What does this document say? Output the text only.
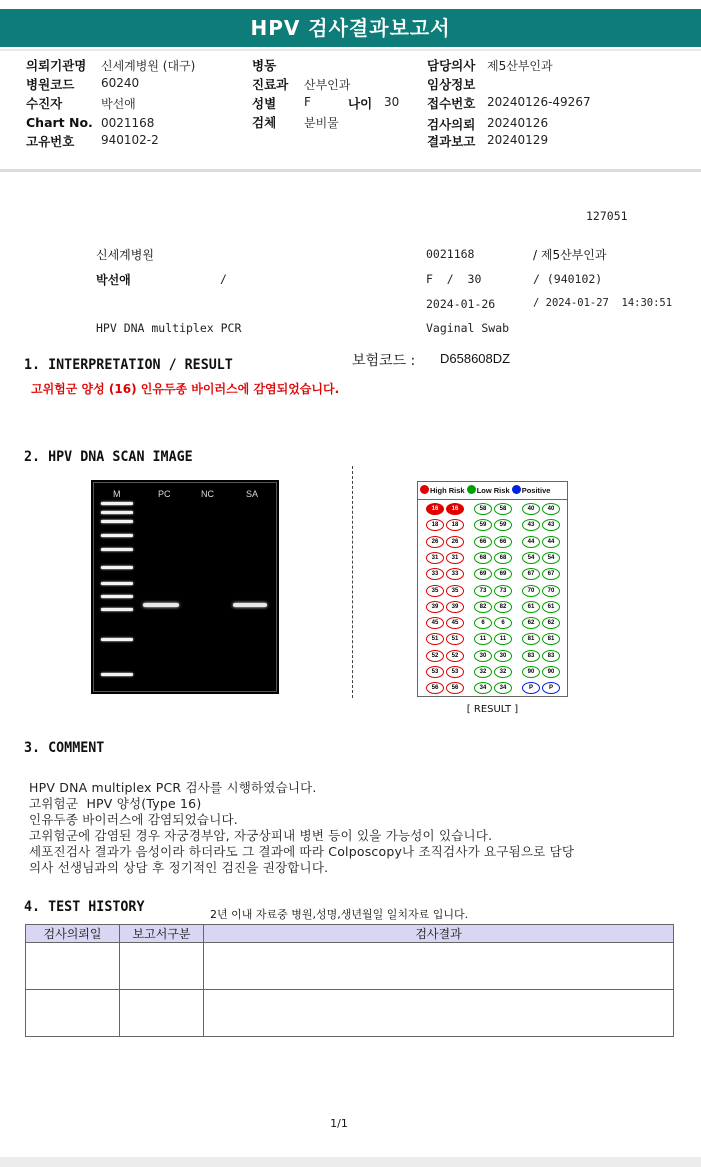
HPV 검사결과보고서
의뢰기관명 신세계병원 (대구)
병원코드 60240
수진자	박선애
Chart No. 0021168
고유번호 940102-2
병동
진료과 산부인과
성별 F	나이 30
검체 분비물
담당의사 제5산부인과
임상정보
접수번호 20240126-49267
검사의뢰 20240126
결과보고 20240129
127051
신세계병원	0021168	/ 제5산부인과
박선애	/	F  /  30	/ (940102)
2024-01-26	/ 2024-01-27  14:30:51
HPV DNA multiplex PCR	Vaginal Swab
1. INTERPRETATION / RESULT	보험코드 : D658608DZ
고위험군 양성 (16) 인유두종 바이러스에 감염되었습니다.
2. HPV DNA SCAN IMAGE
M	PC	NC	SA	High Risk Low Risk Positive
16	16
18	18
26	26
31	31
33	33
35	35
39	39
45	45
51	51
52	52
53	53
56	56
58	58
59	59
66	66
68	68
69	69
73	73
82	82
6	6
11	11
30	30
32	32
34	34
40	40
43	43
44	44
54	54
67	67
70	70
61	61
62	62
81	81
83	83
90	90
P	P
[ RESULT ]
3. COMMENT
HPV DNA multiplex PCR 검사를 시행하였습니다.
고위험군  HPV 양성(Type 16)
인유두종 바이러스에 감염되었습니다.
고위험군에 감염된 경우 자궁경부암, 자궁상피내 병변 등이 있을 가능성이 있습니다.
세포진검사 결과가 음성이라 하더라도 그 결과에 따라 Colposcopy나 조직검사가 요구됨으로 담당
의사 선생님과의 상담 후 정기적인 검진을 권장합니다.
4. TEST HISTORY	2년 이내 자료중 병원,성명,생년월일 일치자료 입니다.
검사의뢰일	보고서구분	검사결과

1/1
